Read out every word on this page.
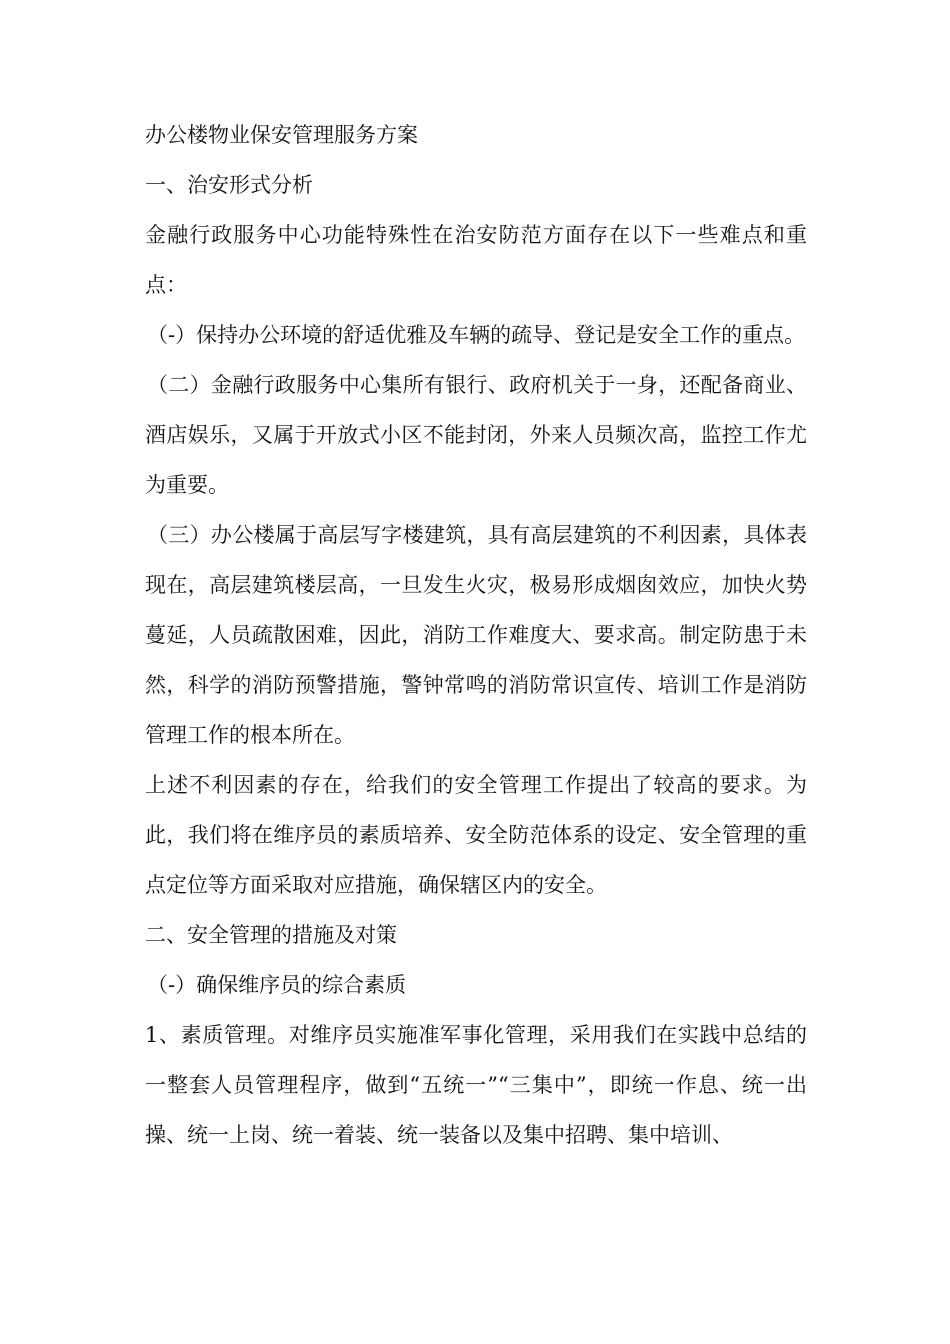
办公楼物业保安管理服务方案

一、治安形式分析

金融行政服务中心功能特殊性在治安防范方面存在以下一些难点和重点：

（-）保持办公环境的舒适优雅及车辆的疏导、登记是安全工作的重点。

（二）金融行政服务中心集所有银行、政府机关于一身，还配备商业、酒店娱乐，又属于开放式小区不能封闭，外来人员频次高，监控工作尤为重要。

（三）办公楼属于高层写字楼建筑，具有高层建筑的不利因素，具体表现在，高层建筑楼层高，一旦发生火灾，极易形成烟囱效应，加快火势蔓延，人员疏散困难，因此，消防工作难度大、要求高。制定防患于未然，科学的消防预警措施，警钟常鸣的消防常识宣传、培训工作是消防管理工作的根本所在。

上述不利因素的存在，给我们的安全管理工作提出了较高的要求。为此，我们将在维序员的素质培养、安全防范体系的设定、安全管理的重点定位等方面采取对应措施，确保辖区内的安全。

二、安全管理的措施及对策

（-）确保维序员的综合素质

1、素质管理。对维序员实施准军事化管理，采用我们在实践中总结的一整套人员管理程序，做到“五统一”“三集中”，即统一作息、统一出操、统一上岗、统一着装、统一装备以及集中招聘、集中培训、
